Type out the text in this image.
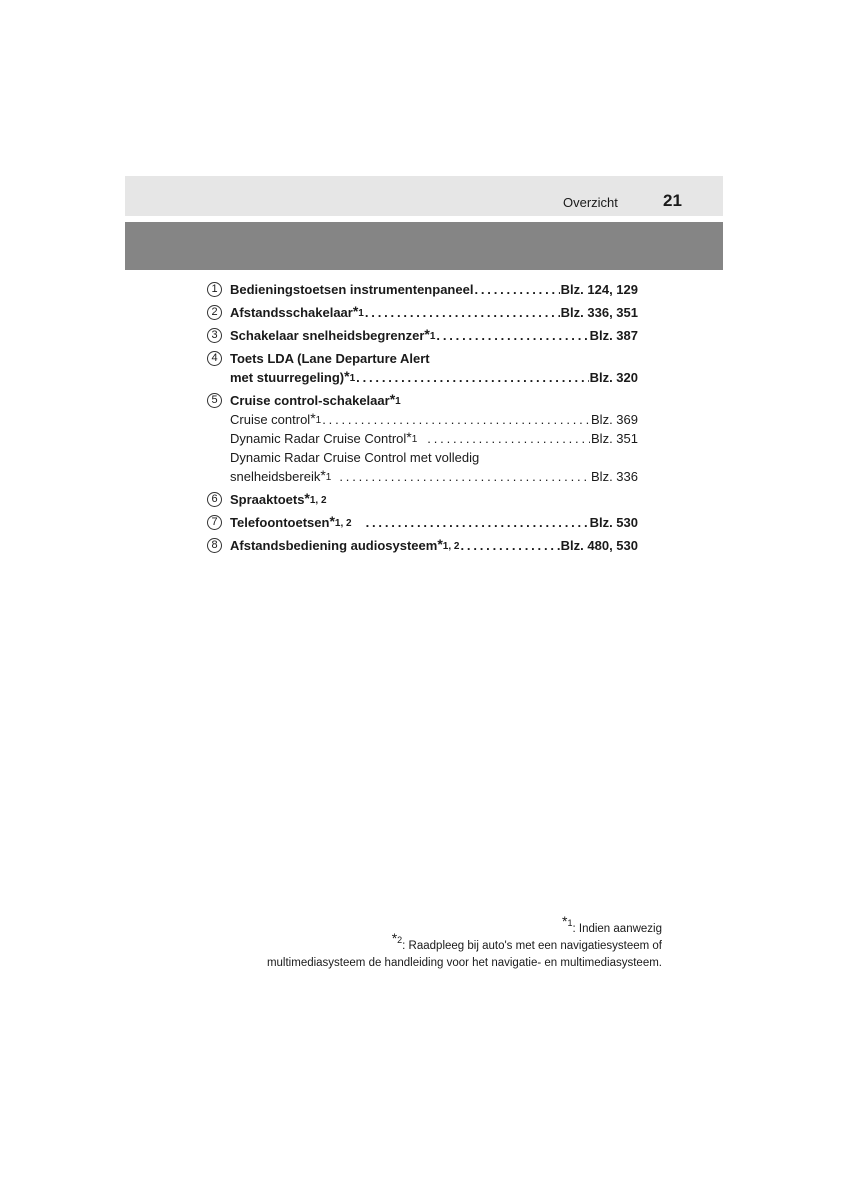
Overzicht	21
1 Bedieningstoetsen instrumentenpaneel . . .	Blz. 124, 129
2 Afstandsschakelaar $^{*1}$ . . .	Blz. 336, 351
3 Schakelaar snelheidsbegrenzer $^{*1}$ . . .	Blz. 387
4 Toets LDA (Lane Departure Alert
met stuurregeling) $^{*1}$ . . .	Blz. 320
5 Cruise control-schakelaar $^{*1}$
Cruise control $^{*1}$ . . .	Blz. 369
Dynamic Radar Cruise Control $^{*1}$ . . .	Blz. 351
Dynamic Radar Cruise Control met volledig
snelheidsbereik $^{*1}$ . . .	Blz. 336
6 Spraaktoets $^{*1, 2}$
7 Telefoontoetsen $^{*1, 2}$ . . .	Blz. 530
8 Afstandsbediening audiosysteem $^{*1, 2}$ . . .	Blz. 480, 530
$^{*1}$: Indien aanwezig
$^{*2}$: Raadpleeg bij auto's met een navigatiesysteem of
multimediasysteem de handleiding voor het navigatie- en multimediasysteem.
